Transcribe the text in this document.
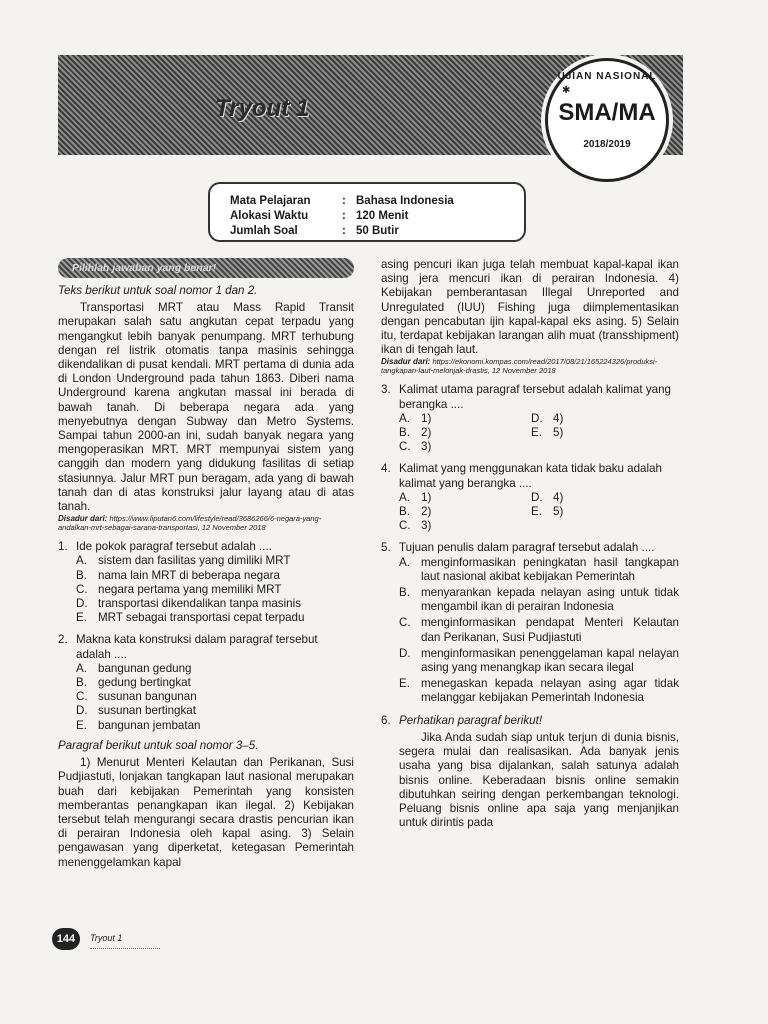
Tryout 1
✱
UJIAN NASIONAL
SMA/MA
2018/2019
Mata Pelajaran	: Bahasa Indonesia
Alokasi Waktu	: 120 Menit
Jumlah Soal	: 50 Butir
Pilihlah jawaban yang benar!

Teks berikut untuk soal nomor 1 dan 2.

Transportasi MRT atau Mass Rapid Transit merupakan salah satu angkutan cepat terpadu yang mengangkut lebih banyak penumpang. MRT terhubung dengan rel listrik otomatis tanpa masinis sehingga dikendalikan di pusat kendali. MRT pertama di dunia ada di London Underground pada tahun 1863. Diberi nama Underground karena angkutan massal ini berada di bawah tanah. Di beberapa negara ada yang menyebutnya dengan Subway dan Metro Systems. Sampai tahun 2000-an ini, sudah banyak negara yang mengoperasikan MRT. MRT mempunyai sistem yang canggih dan modern yang didukung fasilitas di setiap stasiunnya. Jalur MRT pun beragam, ada yang di bawah tanah dan di atas konstruksi jalur layang atau di atas tanah.

Disadur dari: https://www.liputan6.com/lifestyle/read/3686266/6-negara-yang-andalkan-mrt-sebagai-sarana-transportasi, 12 November 2018

1. Ide pokok paragraf tersebut adalah ....
A. sistem dan fasilitas yang dimiliki MRT
B. nama lain MRT di beberapa negara
C. negara pertama yang memiliki MRT
D. transportasi dikendalikan tanpa masinis
E. MRT sebagai transportasi cepat terpadu
2. Makna kata konstruksi dalam paragraf tersebut adalah ....
A. bangunan gedung
B. gedung bertingkat
C. susunan bangunan
D. susunan bertingkat
E. bangunan jembatan

Paragraf berikut untuk soal nomor 3–5.

1) Menurut Menteri Kelautan dan Perikanan, Susi Pudjiastuti, lonjakan tangkapan laut nasional merupakan buah dari kebijakan Pemerintah yang konsisten memberantas penangkapan ikan ilegal. 2) Kebijakan tersebut telah mengurangi secara drastis pencurian ikan di perairan Indonesia oleh kapal asing. 3) Selain pengawasan yang diperketat, ketegasan Pemerintah menenggelamkan kapal

asing pencuri ikan juga telah membuat kapal-kapal ikan asing jera mencuri ikan di perairan Indonesia. 4) Kebijakan pemberantasan Illegal Unreported and Unregulated (IUU) Fishing juga diimplementasikan dengan pencabutan ijin kapal-kapal eks asing. 5) Selain itu, terdapat kebijakan larangan alih muat (transshipment) ikan di tengah laut.

Disadur dari: https://ekonomi.kompas.com/read/2017/08/21/165224326/produksi-tangkapan-laut-melonjak-drastis, 12 November 2018

3. Kalimat utama paragraf tersebut adalah kalimat yang berangka ....
A. 1)	D. 4)
B. 2)	E. 5)
C. 3)
4. Kalimat yang menggunakan kata tidak baku adalah kalimat yang berangka ....
A. 1)	D. 4)
B. 2)	E. 5)
C. 3)
5. Tujuan penulis dalam paragraf tersebut adalah ....
A. menginformasikan peningkatan hasil tangkapan laut nasional akibat kebijakan Pemerintah
B. menyarankan kepada nelayan asing untuk tidak mengambil ikan di perairan Indonesia
C. menginformasikan pendapat Menteri Kelautan dan Perikanan, Susi Pudjiastuti
D. menginformasikan penenggelaman kapal nelayan asing yang menangkap ikan secara ilegal
E. menegaskan kepada nelayan asing agar tidak melanggar kebijakan Pemerintah Indonesia
6. Perhatikan paragraf berikut!

Jika Anda sudah siap untuk terjun di dunia bisnis, segera mulai dan realisasikan. Ada banyak jenis usaha yang bisa dijalankan, salah satunya adalah bisnis online. Keberadaan bisnis online semakin dibutuhkan seiring dengan perkembangan teknologi. Peluang bisnis online apa saja yang menjanjikan untuk dirintis pada

144	Tryout 1
